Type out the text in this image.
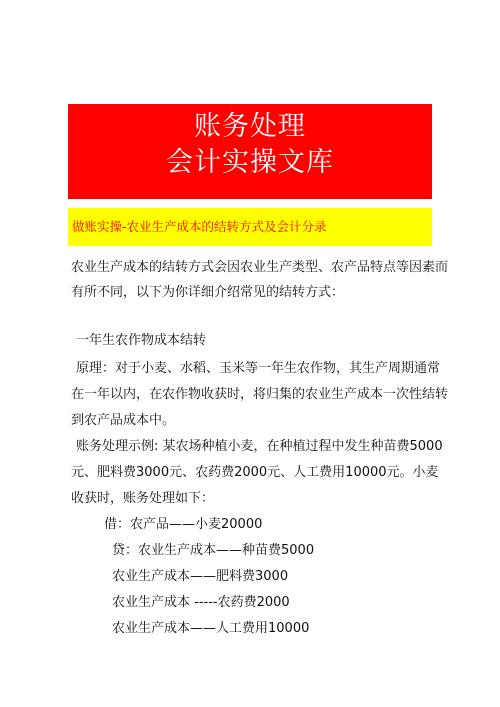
账务处理
会计实操文库
做账实操-农业生产成本的结转方式及会计分录
农业生产成本的结转方式会因农业生产类型、农产品特点等因素而
有所不同，以下为你详细介绍常见的结转方式：
一年生农作物成本结转
原理：对于小麦、水稻、玉米等一年生农作物，其生产周期通常
在一年以内，在农作物收获时，将归集的农业生产成本一次性结转
到农产品成本中。
账务处理示例: 某农场种植小麦，在种植过程中发生种苗费5000
元、肥料费3000元、农药费2000元、人工费用10000元。小麦
收获时，账务处理如下：
借：农产品——小麦20000
贷：农业生产成本——种苗费5000
农业生产成本——肥料费3000
农业生产成本 -----农药费2000
农业生产成本——人工费用10000
